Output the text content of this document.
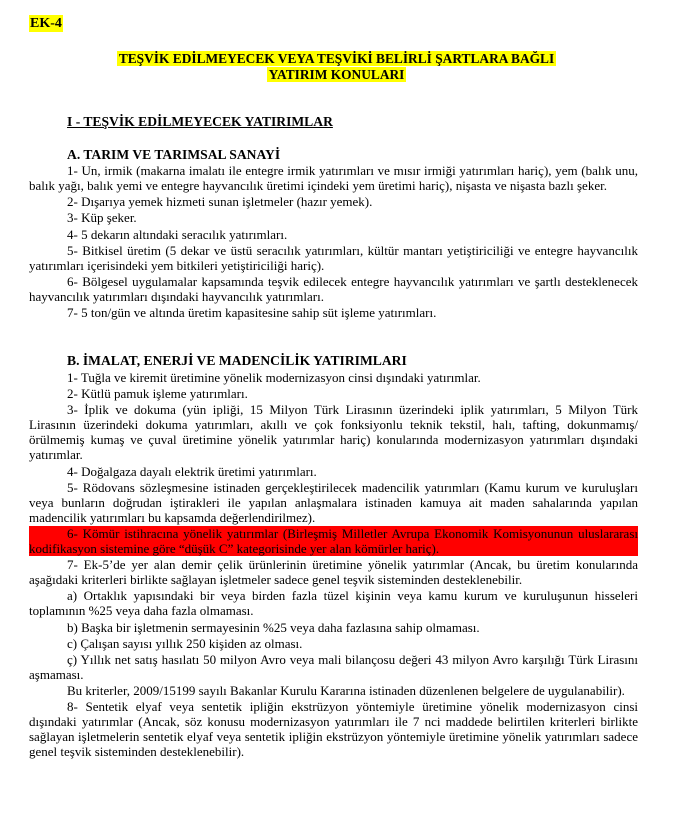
EK-4
TEŞVİK EDİLMEYECEK VEYA TEŞVİKİ BELİRLİ ŞARTLARA BAĞLI
YATIRIM KONULARI
I - TEŞVİK EDİLMEYECEK YATIRIMLAR
A. TARIM VE TARIMSAL SANAYİ

1- Un, irmik (makarna imalatı ile entegre irmik yatırımları ve mısır irmiği yatırımları hariç), yem (balık unu, balık yağı, balık yemi ve entegre hayvancılık üretimi içindeki yem üretimi hariç), nişasta ve nişasta bazlı şeker.

2- Dışarıya yemek hizmeti sunan işletmeler (hazır yemek).

3- Küp şeker.

4- 5 dekarın altındaki seracılık yatırımları.

5- Bitkisel üretim (5 dekar ve üstü seracılık yatırımları, kültür mantarı yetiştiriciliği ve entegre hayvancılık yatırımları içerisindeki yem bitkileri yetiştiriciliği hariç).

6- Bölgesel uygulamalar kapsamında teşvik edilecek entegre hayvancılık yatırımları ve şartlı desteklenecek hayvancılık yatırımları dışındaki hayvancılık yatırımları.

7- 5 ton/gün ve altında üretim kapasitesine sahip süt işleme yatırımları.

B. İMALAT, ENERJİ VE MADENCİLİK YATIRIMLARI

1- Tuğla ve kiremit üretimine yönelik modernizasyon cinsi dışındaki yatırımlar.

2- Kütlü pamuk işleme yatırımları.

3- İplik ve dokuma (yün ipliği, 15 Milyon Türk Lirasının üzerindeki iplik yatırımları, 5 Milyon Türk Lirasının üzerindeki dokuma yatırımları, akıllı ve çok fonksiyonlu teknik tekstil, halı, tafting, dokunmamış/örülmemiş kumaş ve çuval üretimine yönelik yatırımlar hariç) konularında modernizasyon yatırımları dışındaki yatırımlar.

4- Doğalgaza dayalı elektrik üretimi yatırımları.

5- Rödovans sözleşmesine istinaden gerçekleştirilecek madencilik yatırımları (Kamu kurum ve kuruluşları veya bunların doğrudan iştirakleri ile yapılan anlaşmalara istinaden kamuya ait maden sahalarında yapılan madencilik yatırımları bu kapsamda değerlendirilmez).

6- Kömür istihracına yönelik yatırımlar (Birleşmiş Milletler Avrupa Ekonomik Komisyonunun uluslararası kodifikasyon sistemine göre “düşük C” kategorisinde yer alan kömürler hariç).

7- Ek-5’de yer alan demir çelik ürünlerinin üretimine yönelik yatırımlar (Ancak, bu üretim konularında aşağıdaki kriterleri birlikte sağlayan işletmeler sadece genel teşvik sisteminden desteklenebilir.

a) Ortaklık yapısındaki bir veya birden fazla tüzel kişinin veya kamu kurum ve kuruluşunun hisseleri toplamının %25 veya daha fazla olmaması.

b) Başka bir işletmenin sermayesinin %25 veya daha fazlasına sahip olmaması.

c) Çalışan sayısı yıllık 250 kişiden az olması.

ç) Yıllık net satış hasılatı 50 milyon Avro veya mali bilançosu değeri 43 milyon Avro karşılığı Türk Lirasını aşmaması.

Bu kriterler, 2009/15199 sayılı Bakanlar Kurulu Kararına istinaden düzenlenen belgelere de uygulanabilir).

8- Sentetik elyaf veya sentetik ipliğin ekstrüzyon yöntemiyle üretimine yönelik modernizasyon cinsi dışındaki yatırımlar (Ancak, söz konusu modernizasyon yatırımları ile 7 nci maddede belirtilen kriterleri birlikte sağlayan işletmelerin sentetik elyaf veya sentetik ipliğin ekstrüzyon yöntemiyle üretimine yönelik yatırımları sadece genel teşvik sisteminden desteklenebilir).
